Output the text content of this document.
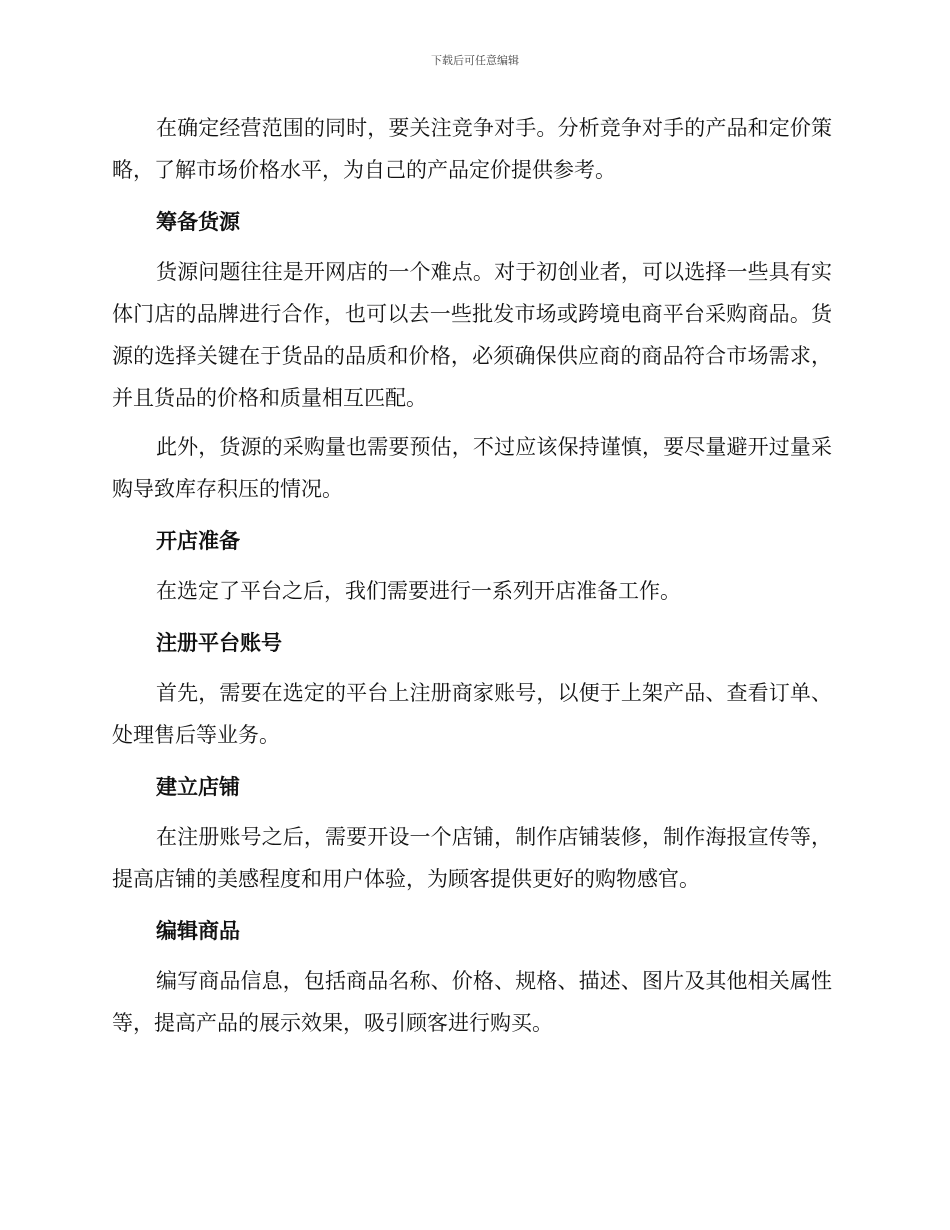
下载后可任意编辑

在确定经营范围的同时，要关注竞争对手。分析竞争对手的产品和定价策略，了解市场价格水平，为自己的产品定价提供参考。

筹备货源

货源问题往往是开网店的一个难点。对于初创业者，可以选择一些具有实体门店的品牌进行合作，也可以去一些批发市场或跨境电商平台采购商品。货源的选择关键在于货品的品质和价格，必须确保供应商的商品符合市场需求，并且货品的价格和质量相互匹配。

此外，货源的采购量也需要预估，不过应该保持谨慎，要尽量避开过量采购导致库存积压的情况。

开店准备

在选定了平台之后，我们需要进行一系列开店准备工作。

注册平台账号

首先，需要在选定的平台上注册商家账号，以便于上架产品、查看订单、处理售后等业务。

建立店铺

在注册账号之后，需要开设一个店铺，制作店铺装修，制作海报宣传等，提高店铺的美感程度和用户体验，为顾客提供更好的购物感官。

编辑商品

编写商品信息，包括商品名称、价格、规格、描述、图片及其他相关属性等，提高产品的展示效果，吸引顾客进行购买。
